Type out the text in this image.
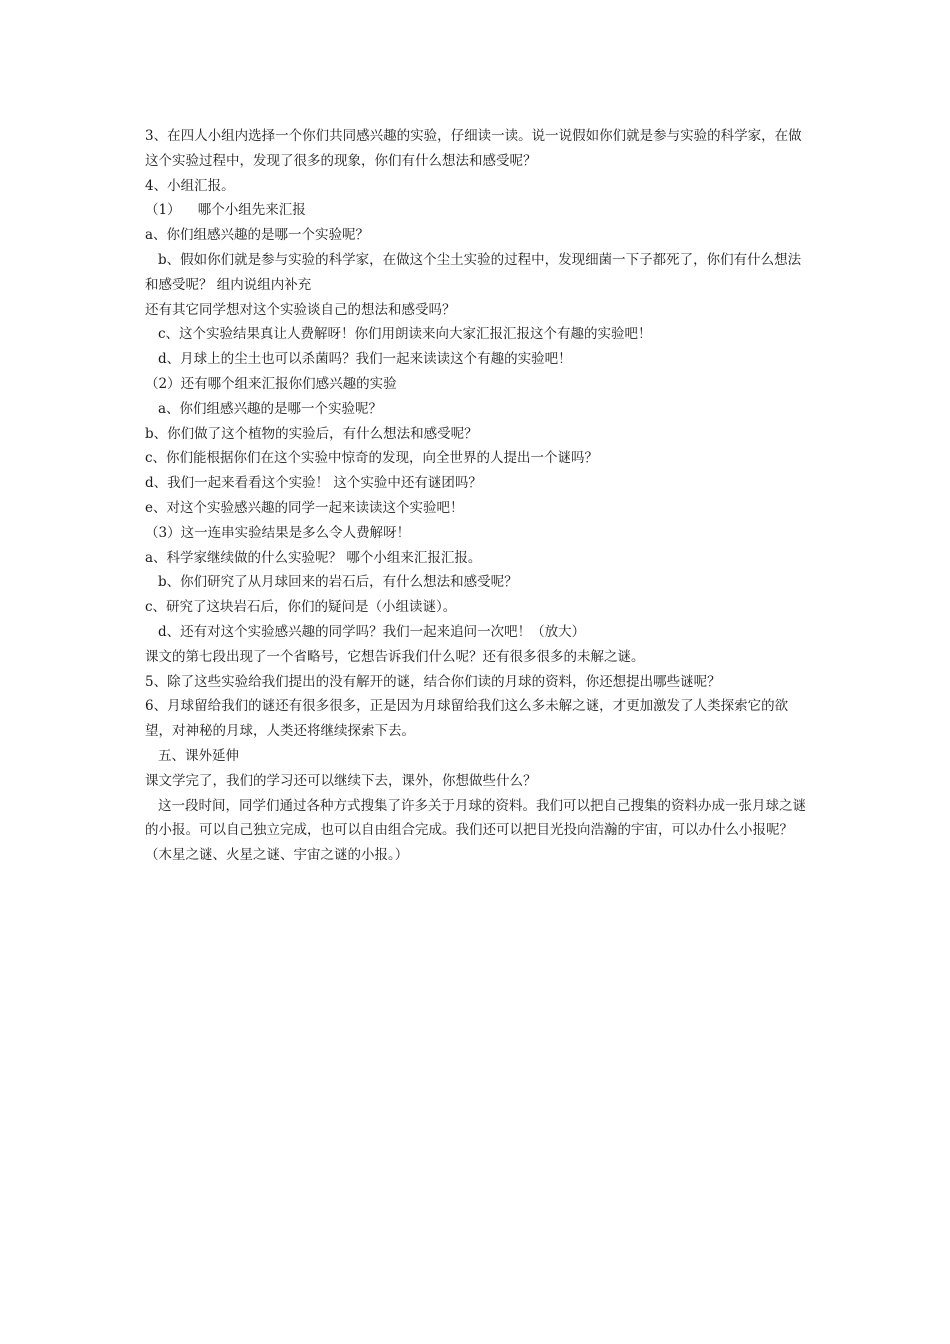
3、在四人小组内选择一个你们共同感兴趣的实验，仔细读一读。说一说假如你们就是参与实验的科学家，在做这个实验过程中，发现了很多的现象，你们有什么想法和感受呢？

4、小组汇报。

（1）    哪个小组先来汇报

a、你们组感兴趣的是哪一个实验呢？

b、假如你们就是参与实验的科学家，在做这个尘土实验的过程中，发现细菌一下子都死了，你们有什么想法和感受呢？ 组内说组内补充

还有其它同学想对这个实验谈自己的想法和感受吗？

c、这个实验结果真让人费解呀！你们用朗读来向大家汇报汇报这个有趣的实验吧！

d、月球上的尘土也可以杀菌吗？我们一起来读读这个有趣的实验吧！

（2）还有哪个组来汇报你们感兴趣的实验

a、你们组感兴趣的是哪一个实验呢？

b、你们做了这个植物的实验后，有什么想法和感受呢？

c、你们能根据你们在这个实验中惊奇的发现，向全世界的人提出一个谜吗？

d、我们一起来看看这个实验！ 这个实验中还有谜团吗？

e、对这个实验感兴趣的同学一起来读读这个实验吧！

（3）这一连串实验结果是多么令人费解呀！

a、科学家继续做的什么实验呢？ 哪个小组来汇报汇报。

b、你们研究了从月球回来的岩石后，有什么想法和感受呢？

c、研究了这块岩石后，你们的疑问是（小组读谜）。

d、还有对这个实验感兴趣的同学吗？我们一起来追问一次吧！（放大）

课文的第七段出现了一个省略号，它想告诉我们什么呢？还有很多很多的未解之谜。

5、除了这些实验给我们提出的没有解开的谜，结合你们读的月球的资料，你还想提出哪些谜呢？

6、月球留给我们的谜还有很多很多，正是因为月球留给我们这么多未解之谜，才更加激发了人类探索它的欲望，对神秘的月球，人类还将继续探索下去。

五、课外延伸

课文学完了，我们的学习还可以继续下去，课外，你想做些什么？

这一段时间，同学们通过各种方式搜集了许多关于月球的资料。我们可以把自己搜集的资料办成一张月球之谜的小报。可以自己独立完成，也可以自由组合完成。我们还可以把目光投向浩瀚的宇宙，可以办什么小报呢？（木星之谜、火星之谜、宇宙之谜的小报。）
